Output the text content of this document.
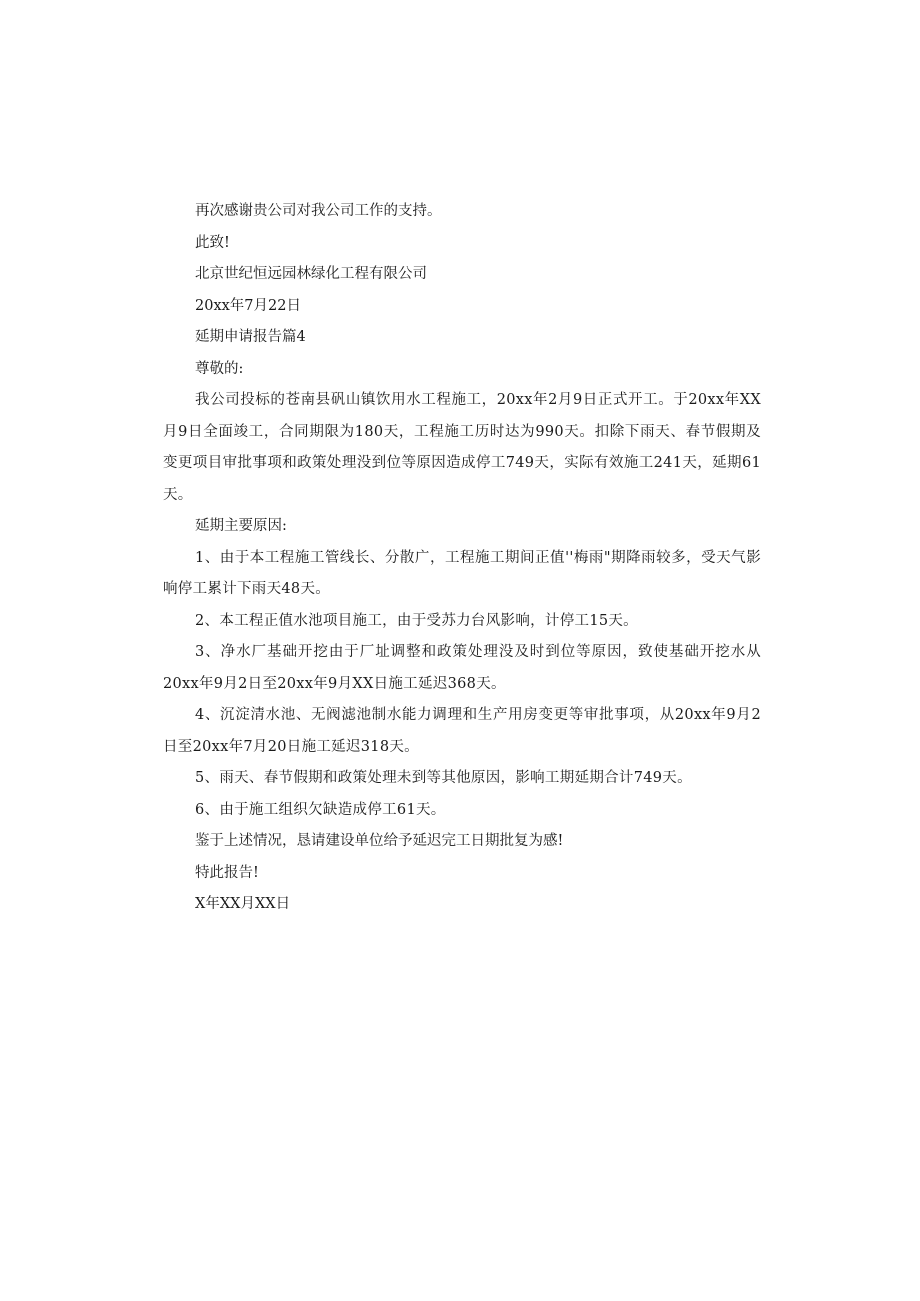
再次感谢贵公司对我公司工作的支持。

此致!

北京世纪恒远园林绿化工程有限公司

20xx年7月22日

延期申请报告篇4

尊敬的:

我公司投标的苍南县矾山镇饮用水工程施工，20xx年2月9日正式开工。于20xx年XX月9日全面竣工，合同期限为180天，工程施工历时达为990天。扣除下雨天、春节假期及变更项目审批事项和政策处理没到位等原因造成停工749天，实际有效施工241天，延期61天。

延期主要原因:

1、由于本工程施工管线长、分散广，工程施工期间正值''梅雨"期降雨较多，受天气影响停工累计下雨天48天。

2、本工程正值水池项目施工，由于受苏力台风影响，计停工15天。

3、净水厂基础开挖由于厂址调整和政策处理没及时到位等原因，致使基础开挖水从20xx年9月2日至20xx年9月XX日施工延迟368天。

4、沉淀清水池、无阀滤池制水能力调理和生产用房变更等审批事项，从20xx年9月2日至20xx年7月20日施工延迟318天。

5、雨天、春节假期和政策处理未到等其他原因，影响工期延期合计749天。

6、由于施工组织欠缺造成停工61天。

鉴于上述情况，恳请建设单位给予延迟完工日期批复为感!

特此报告!

X年XX月XX日
